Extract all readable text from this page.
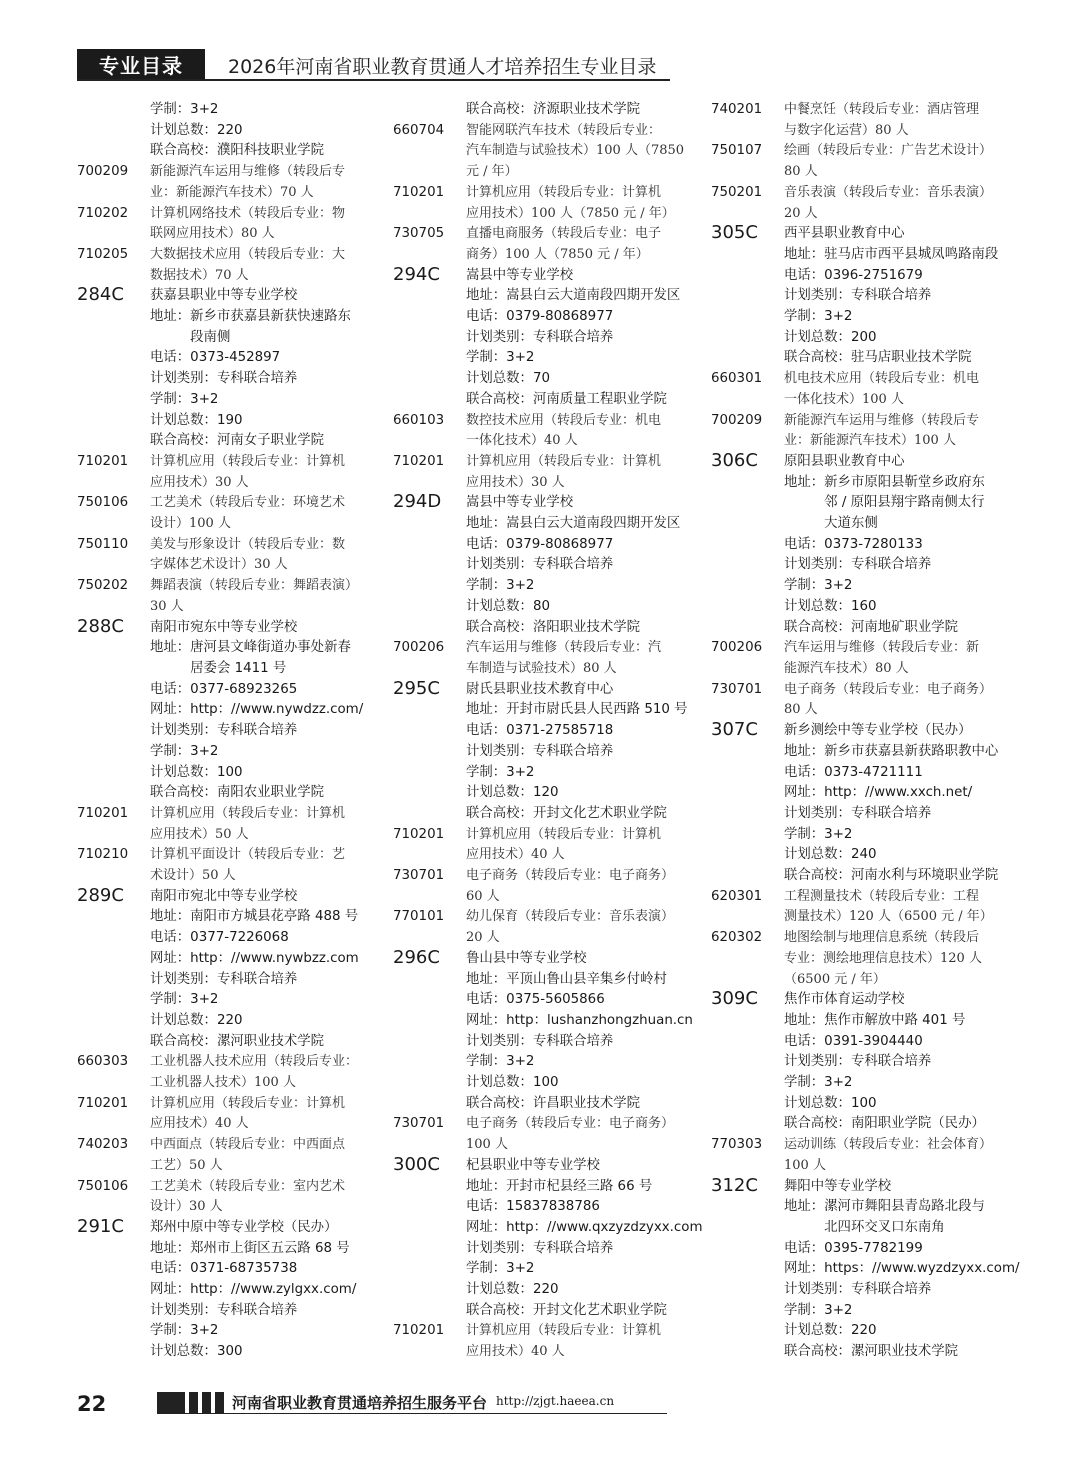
专业目录	2026年河南省职业教育贯通人才培养招生专业目录
学制：3+2
计划总数：220
联合高校：濮阳科技职业学院
700209 新能源汽车运用与维修（转段后专
业：新能源汽车技术）70 人
710202 计算机网络技术（转段后专业：物
联网应用技术）80 人
710205 大数据技术应用（转段后专业：大
数据技术）70 人
284C 获嘉县职业中等专业学校
地址：新乡市获嘉县新获快速路东
　　　段南侧
电话：0373-452897
计划类别：专科联合培养
学制：3+2
计划总数：190
联合高校：河南女子职业学院
710201 计算机应用（转段后专业：计算机
应用技术）30 人
750106 工艺美术（转段后专业：环境艺术
设计）100 人
750110 美发与形象设计（转段后专业：数
字媒体艺术设计）30 人
750202 舞蹈表演（转段后专业：舞蹈表演）
30 人
288C 南阳市宛东中等专业学校
地址：唐河县文峰街道办事处新春
　　　居委会 1411 号
电话：0377-68923265
网址：http：//www.nywdzz.com/
计划类别：专科联合培养
学制：3+2
计划总数：100
联合高校：南阳农业职业学院
710201 计算机应用（转段后专业：计算机
应用技术）50 人
710210 计算机平面设计（转段后专业：艺
术设计）50 人
289C 南阳市宛北中等专业学校
地址：南阳市方城县花亭路 488 号
电话：0377-7226068
网址：http：//www.nywbzz.com
计划类别：专科联合培养
学制：3+2
计划总数：220
联合高校：漯河职业技术学院
660303 工业机器人技术应用（转段后专业：
工业机器人技术）100 人
710201 计算机应用（转段后专业：计算机
应用技术）40 人
740203 中西面点（转段后专业：中西面点
工艺）50 人
750106 工艺美术（转段后专业：室内艺术
设计）30 人
291C 郑州中原中等专业学校（民办）
地址：郑州市上街区五云路 68 号
电话：0371-68735738
网址：http：//www.zylgxx.com/
计划类别：专科联合培养
学制：3+2
计划总数：300
联合高校：济源职业技术学院
660704 智能网联汽车技术（转段后专业：
汽车制造与试验技术）100 人（7850
元 / 年）
710201 计算机应用（转段后专业：计算机
应用技术）100 人（7850 元 / 年）
730705 直播电商服务（转段后专业：电子
商务）100 人（7850 元 / 年）
294C 嵩县中等专业学校
地址：嵩县白云大道南段四期开发区
电话：0379-80868977
计划类别：专科联合培养
学制：3+2
计划总数：70
联合高校：河南质量工程职业学院
660103 数控技术应用（转段后专业：机电
一体化技术）40 人
710201 计算机应用（转段后专业：计算机
应用技术）30 人
294D 嵩县中等专业学校
地址：嵩县白云大道南段四期开发区
电话：0379-80868977
计划类别：专科联合培养
学制：3+2
计划总数：80
联合高校：洛阳职业技术学院
700206 汽车运用与维修（转段后专业：汽
车制造与试验技术）80 人
295C 尉氏县职业技术教育中心
地址：开封市尉氏县人民西路 510 号
电话：0371-27585718
计划类别：专科联合培养
学制：3+2
计划总数：120
联合高校：开封文化艺术职业学院
710201 计算机应用（转段后专业：计算机
应用技术）40 人
730701 电子商务（转段后专业：电子商务）
60 人
770101 幼儿保育（转段后专业：音乐表演）
20 人
296C 鲁山县中等专业学校
地址：平顶山鲁山县辛集乡付岭村
电话：0375-5605866
网址：http：lushanzhongzhuan.cn
计划类别：专科联合培养
学制：3+2
计划总数：100
联合高校：许昌职业技术学院
730701 电子商务（转段后专业：电子商务）
100 人
300C 杞县职业中等专业学校
地址：开封市杞县经三路 66 号
电话：15837838786
网址：http：//www.qxzyzdzyxx.com
计划类别：专科联合培养
学制：3+2
计划总数：220
联合高校：开封文化艺术职业学院
710201 计算机应用（转段后专业：计算机
应用技术）40 人
740201 中餐烹饪（转段后专业：酒店管理
与数字化运营）80 人
750107 绘画（转段后专业：广告艺术设计）
80 人
750201 音乐表演（转段后专业：音乐表演）
20 人
305C 西平县职业教育中心
地址：驻马店市西平县城凤鸣路南段
电话：0396-2751679
计划类别：专科联合培养
学制：3+2
计划总数：200
联合高校：驻马店职业技术学院
660301 机电技术应用（转段后专业：机电
一体化技术）100 人
700209 新能源汽车运用与维修（转段后专
业：新能源汽车技术）100 人
306C 原阳县职业教育中心
地址：新乡市原阳县靳堂乡政府东
　　　邻 / 原阳县翔宇路南侧太行
　　　大道东侧
电话：0373-7280133
计划类别：专科联合培养
学制：3+2
计划总数：160
联合高校：河南地矿职业学院
700206 汽车运用与维修（转段后专业：新
能源汽车技术）80 人
730701 电子商务（转段后专业：电子商务）
80 人
307C 新乡测绘中等专业学校（民办）
地址：新乡市获嘉县新获路职教中心
电话：0373-4721111
网址：http：//www.xxch.net/
计划类别：专科联合培养
学制：3+2
计划总数：240
联合高校：河南水利与环境职业学院
620301 工程测量技术（转段后专业：工程
测量技术）120 人（6500 元 / 年）
620302 地图绘制与地理信息系统（转段后
专业：测绘地理信息技术）120 人
（6500 元 / 年）
309C 焦作市体育运动学校
地址：焦作市解放中路 401 号
电话：0391-3904440
计划类别：专科联合培养
学制：3+2
计划总数：100
联合高校：南阳职业学院（民办）
770303 运动训练（转段后专业：社会体育）
100 人
312C 舞阳中等专业学校
地址：漯河市舞阳县青岛路北段与
　　　北四环交叉口东南角
电话：0395-7782199
网址：https：//www.wyzdzyxx.com/
计划类别：专科联合培养
学制：3+2
计划总数：220
联合高校：漯河职业技术学院
22	河南省职业教育贯通培养招生服务平台 http://zjgt.haeea.cn
